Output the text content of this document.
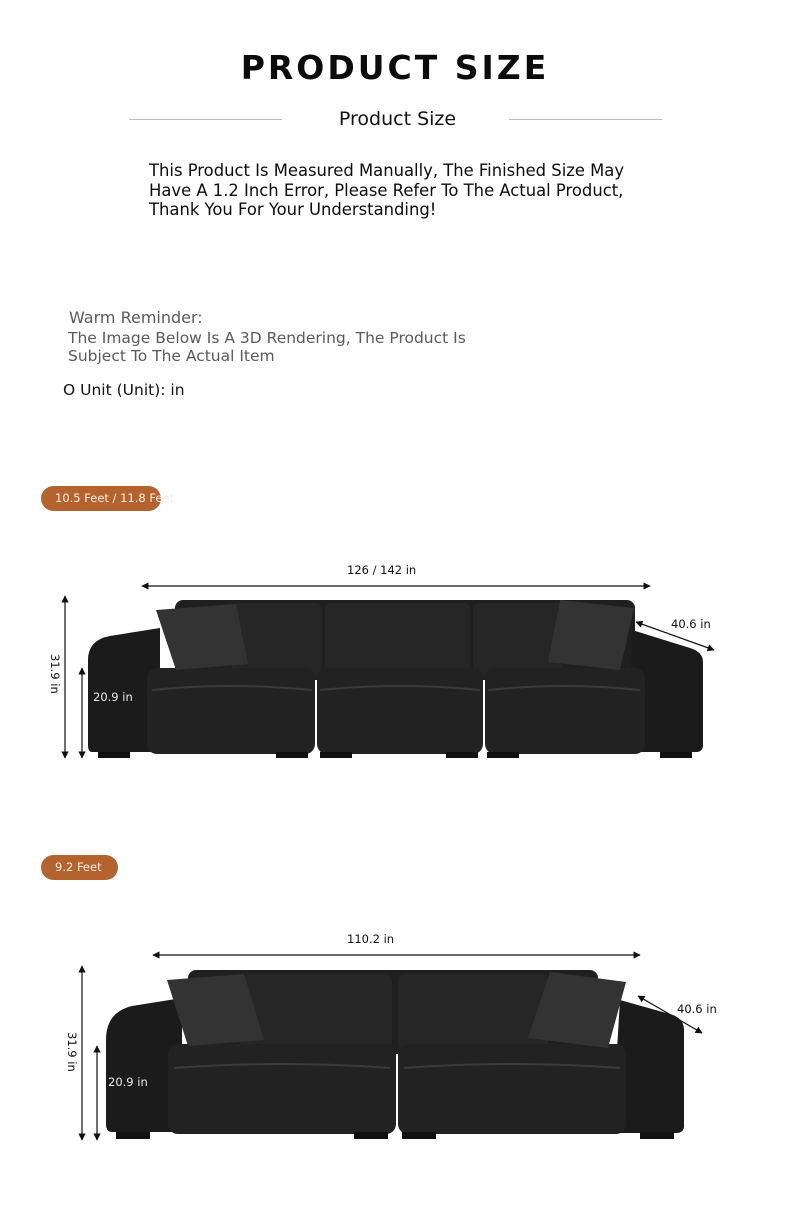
PRODUCT SIZE
Product Size
This Product Is Measured Manually, The Finished Size May
Have A 1.2 Inch Error, Please Refer To The Actual Product,
Thank You For Your Understanding!
Warm Reminder:
The Image Below Is A 3D Rendering, The Product Is
Subject To The Actual Item
O Unit (Unit): in
10.5 Feet / 11.8 Feet
126 / 142 in
40.6 in
31.9 in
20.9 in
9.2 Feet
110.2 in
40.6 in
31.9 in
20.9 in
